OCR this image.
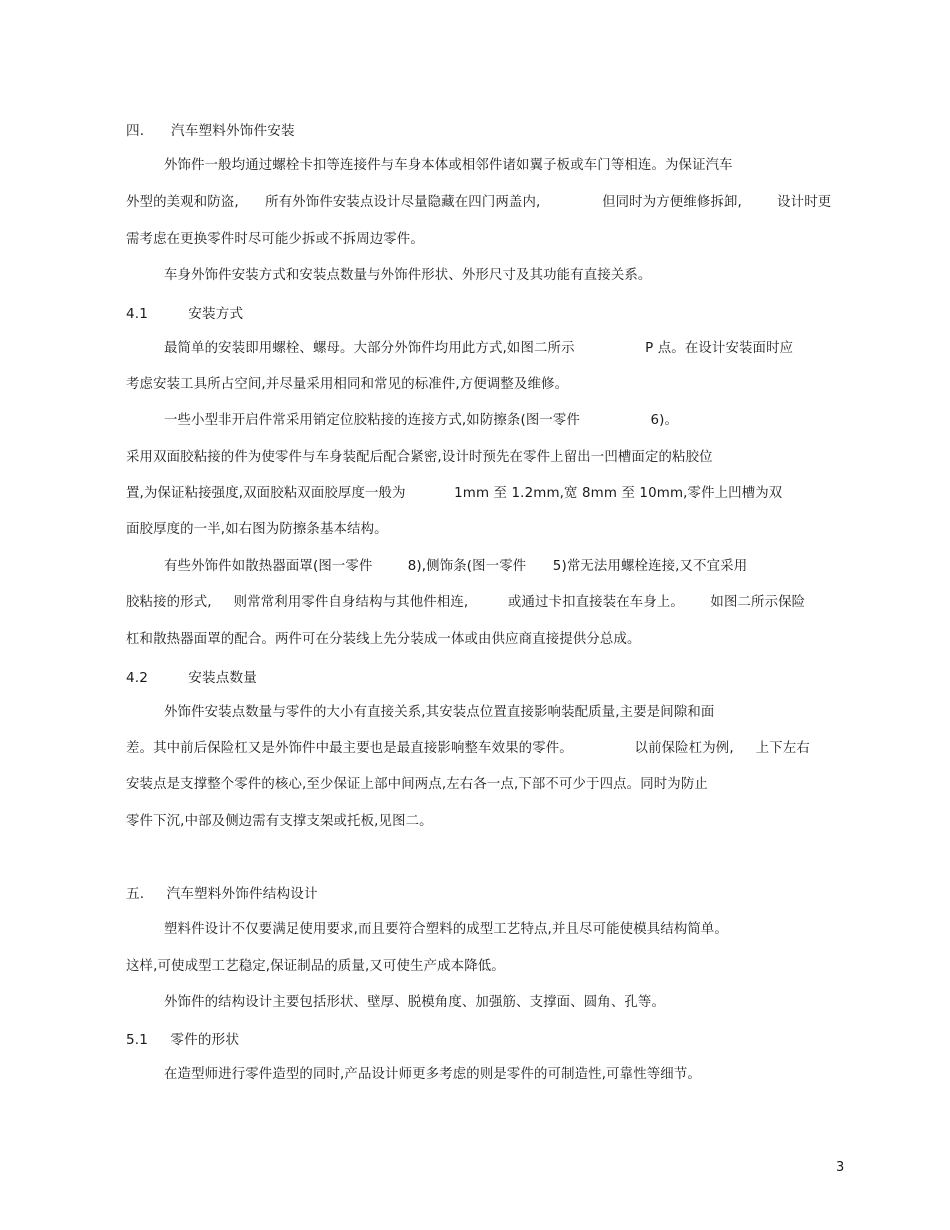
四.      汽车塑料外饰件安装
外饰件一般均通过螺栓卡扣等连接件与车身本体或相邻件诸如翼子板或车门等相连。为保证汽车
外型的美观和防盗,      所有外饰件安装点设计尽量隐藏在四门两盖内,              但同时为方便维修拆卸,        设计时更
需考虑在更换零件时尽可能少拆或不拆周边零件。
车身外饰件安装方式和安装点数量与外饰件形状、外形尺寸及其功能有直接关系。
4.1         安装方式
最简单的安装即用螺栓、螺母。大部分外饰件均用此方式,如图二所示                P 点。在设计安装面时应
考虑安装工具所占空间,并尽量采用相同和常见的标准件,方便调整及维修。
一些小型非开启件常采用销定位胶粘接的连接方式,如防擦条(图一零件                6)。
采用双面胶粘接的件为使零件与车身装配后配合紧密,设计时预先在零件上留出一凹槽面定的粘胶位
置,为保证粘接强度,双面胶粘双面胶厚度一般为           1mm 至 1.2mm,宽 8mm 至 10mm,零件上凹槽为双
面胶厚度的一半,如右图为防擦条基本结构。
有些外饰件如散热器面罩(图一零件        8),侧饰条(图一零件      5)常无法用螺栓连接,又不宜采用
胶粘接的形式,     则常常利用零件自身结构与其他件相连,         或通过卡扣直接装在车身上。      如图二所示保险
杠和散热器面罩的配合。两件可在分装线上先分装成一体或由供应商直接提供分总成。
4.2         安装点数量
外饰件安装点数量与零件的大小有直接关系,其安装点位置直接影响装配质量,主要是间隙和面
差。其中前后保险杠又是外饰件中最主要也是最直接影响整车效果的零件。              以前保险杠为例,     上下左右
安装点是支撑整个零件的核心,至少保证上部中间两点,左右各一点,下部不可少于四点。同时为防止
零件下沉,中部及侧边需有支撑支架或托板,见图二。
五.     汽车塑料外饰件结构设计
塑料件设计不仅要满足使用要求,而且要符合塑料的成型工艺特点,并且尽可能使模具结构简单。
这样,可使成型工艺稳定,保证制品的质量,又可使生产成本降低。
外饰件的结构设计主要包括形状、壁厚、脱模角度、加强筋、支撑面、圆角、孔等。
5.1     零件的形状
在造型师进行零件造型的同时,产品设计师更多考虑的则是零件的可制造性,可靠性等细节。
3
